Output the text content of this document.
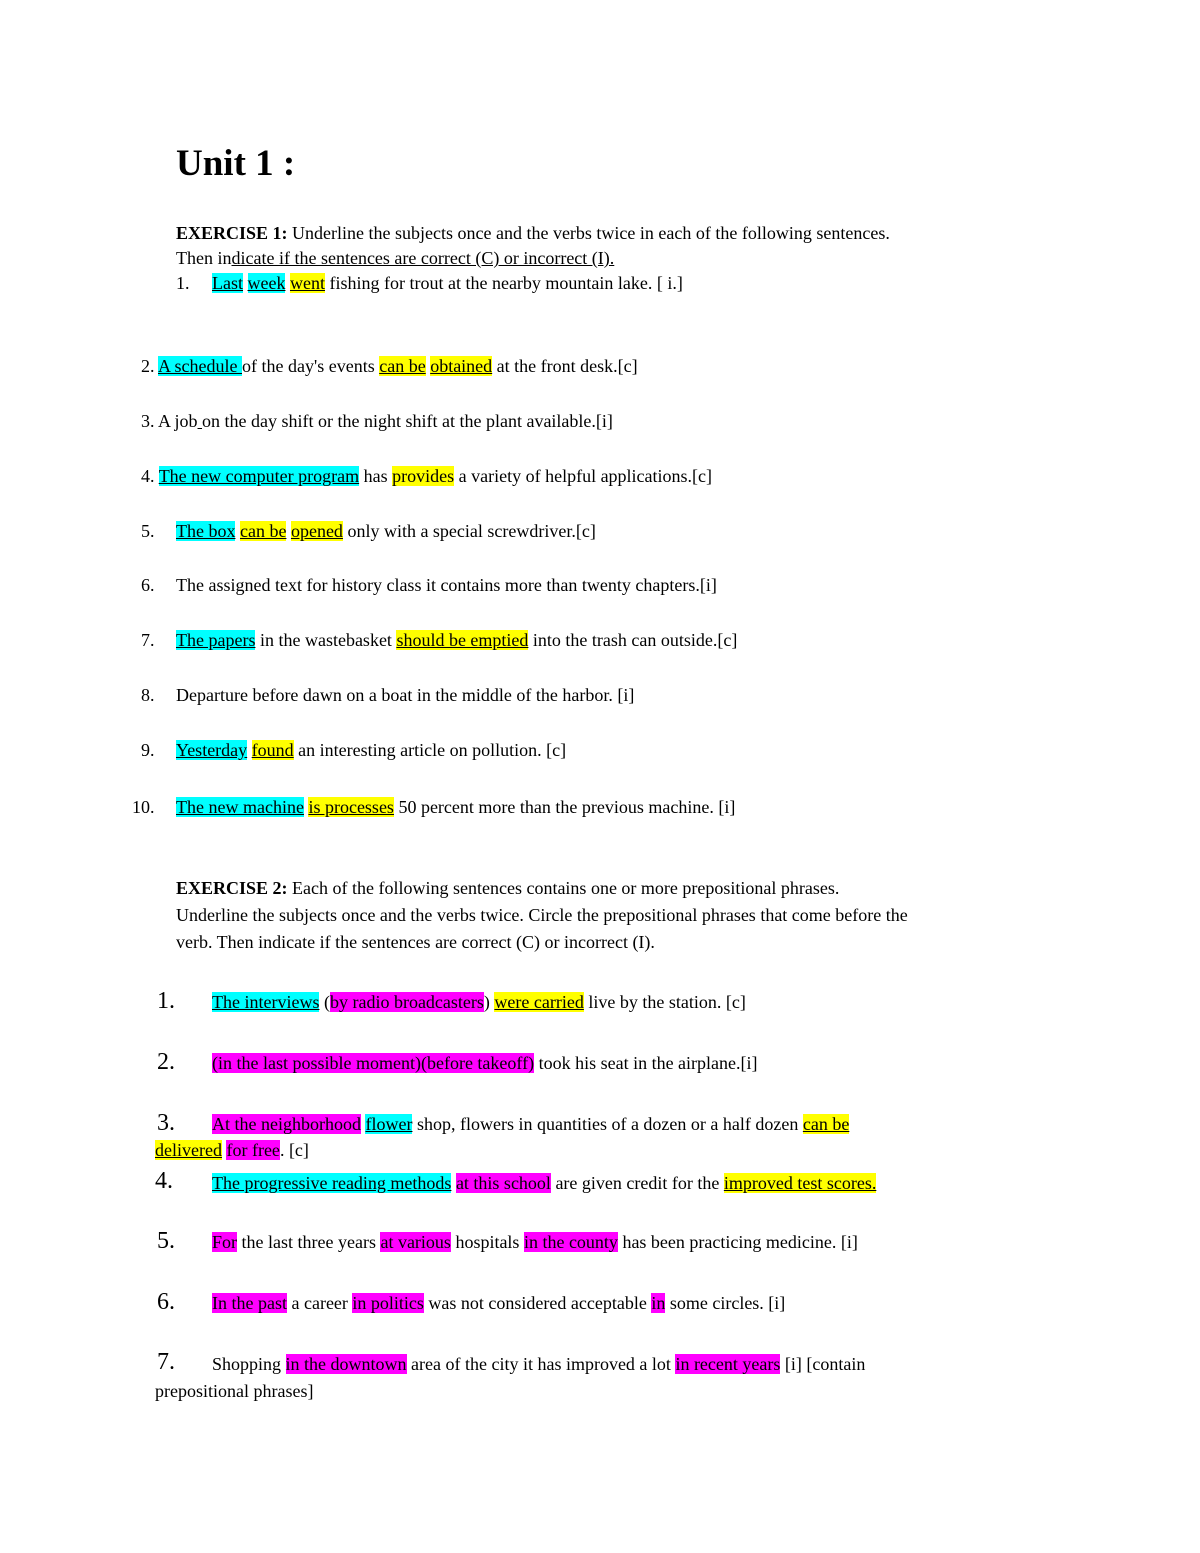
Unit 1 :
EXERCISE 1: Underline the subjects once and the verbs twice in each of the following sentences.
Then indicate if the sentences are correct (C) or incorrect (I).
1. Last week went fishing for trout at the nearby mountain lake. [ i.]
2. A schedule of the day's events can be obtained at the front desk.[c]
3. A job on the day shift or the night shift at the plant available.[i]
4. The new computer program has provides a variety of helpful applications.[c]
5. The box can be opened only with a special screwdriver.[c]
6. The assigned text for history class it contains more than twenty chapters.[i]
7. The papers in the wastebasket should be emptied into the trash can outside.[c]
8. Departure before dawn on a boat in the middle of the harbor. [i]
9. Yesterday found an interesting article on pollution. [c]
10. The new machine is processes 50 percent more than the previous machine. [i]
EXERCISE 2: Each of the following sentences contains one or more prepositional phrases.
Underline the subjects once and the verbs twice. Circle the prepositional phrases that come before the
verb. Then indicate if the sentences are correct (C) or incorrect (I).
1. The interviews (by radio broadcasters) were carried live by the station. [c]
2. (in the last possible moment)(before takeoff) took his seat in the airplane.[i]
3. At the neighborhood flower shop, flowers in quantities of a dozen or a half dozen can be
delivered for free. [c]
4. The progressive reading methods at this school are given credit for the improved test scores.
5. For the last three years at various hospitals in the county has been practicing medicine. [i]
6. In the past a career in politics was not considered acceptable in some circles. [i]
7. Shopping in the downtown area of the city it has improved a lot in recent years [i] [contain
prepositional phrases]
